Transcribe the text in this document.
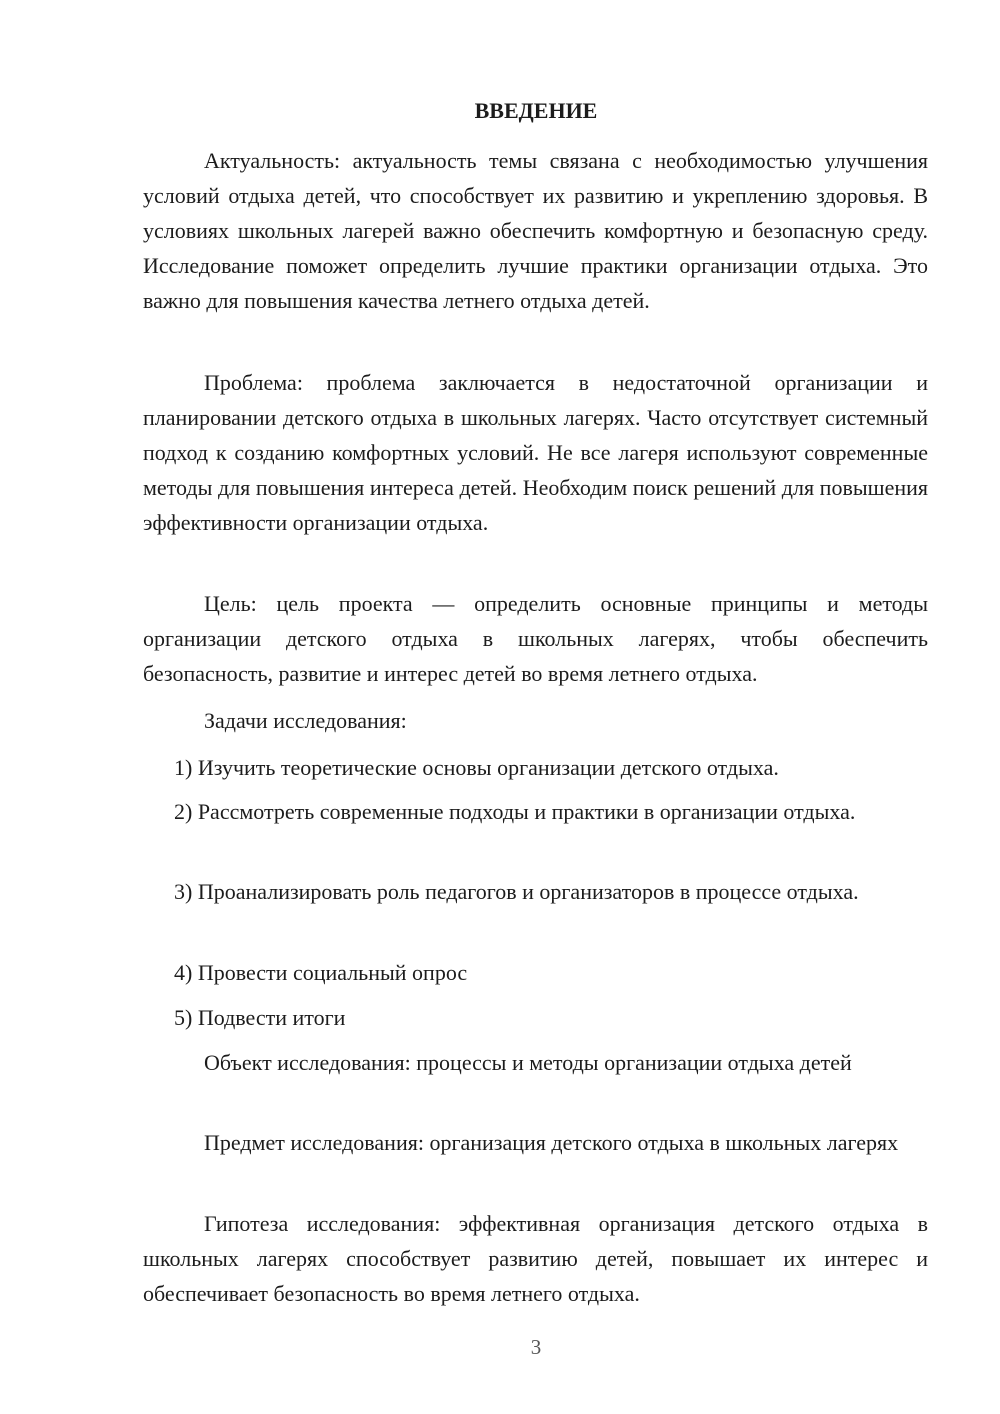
ВВЕДЕНИЕ

Актуальность: актуальность темы связана с необходимостью улучшения условий отдыха детей, что способствует их развитию и укреплению здоровья. В условиях школьных лагерей важно обеспечить комфортную и безопасную среду. Исследование поможет определить лучшие практики организации отдыха. Это важно для повышения качества летнего отдыха детей.

Проблема: проблема заключается в недостаточной организации и планировании детского отдыха в школьных лагерях. Часто отсутствует системный подход к созданию комфортных условий. Не все лагеря используют современные методы для повышения интереса детей. Необходим поиск решений для повышения эффективности организации отдыха.

Цель: цель проекта — определить основные принципы и методы организации детского отдыха в школьных лагерях, чтобы обеспечить безопасность, развитие и интерес детей во время летнего отдыха.

Задачи исследования:

1) Изучить теоретические основы организации детского отдыха.

2) Рассмотреть современные подходы и практики в организации отдыха.

3) Проанализировать роль педагогов и организаторов в процессе отдыха.

4) Провести социальный опрос

5) Подвести итоги

Объект исследования: процессы и методы организации отдыха детей

Предмет исследования: организация детского отдыха в школьных лагерях

Гипотеза исследования: эффективная организация детского отдыха в школьных лагерях способствует развитию детей, повышает их интерес и обеспечивает безопасность во время летнего отдыха.

3
